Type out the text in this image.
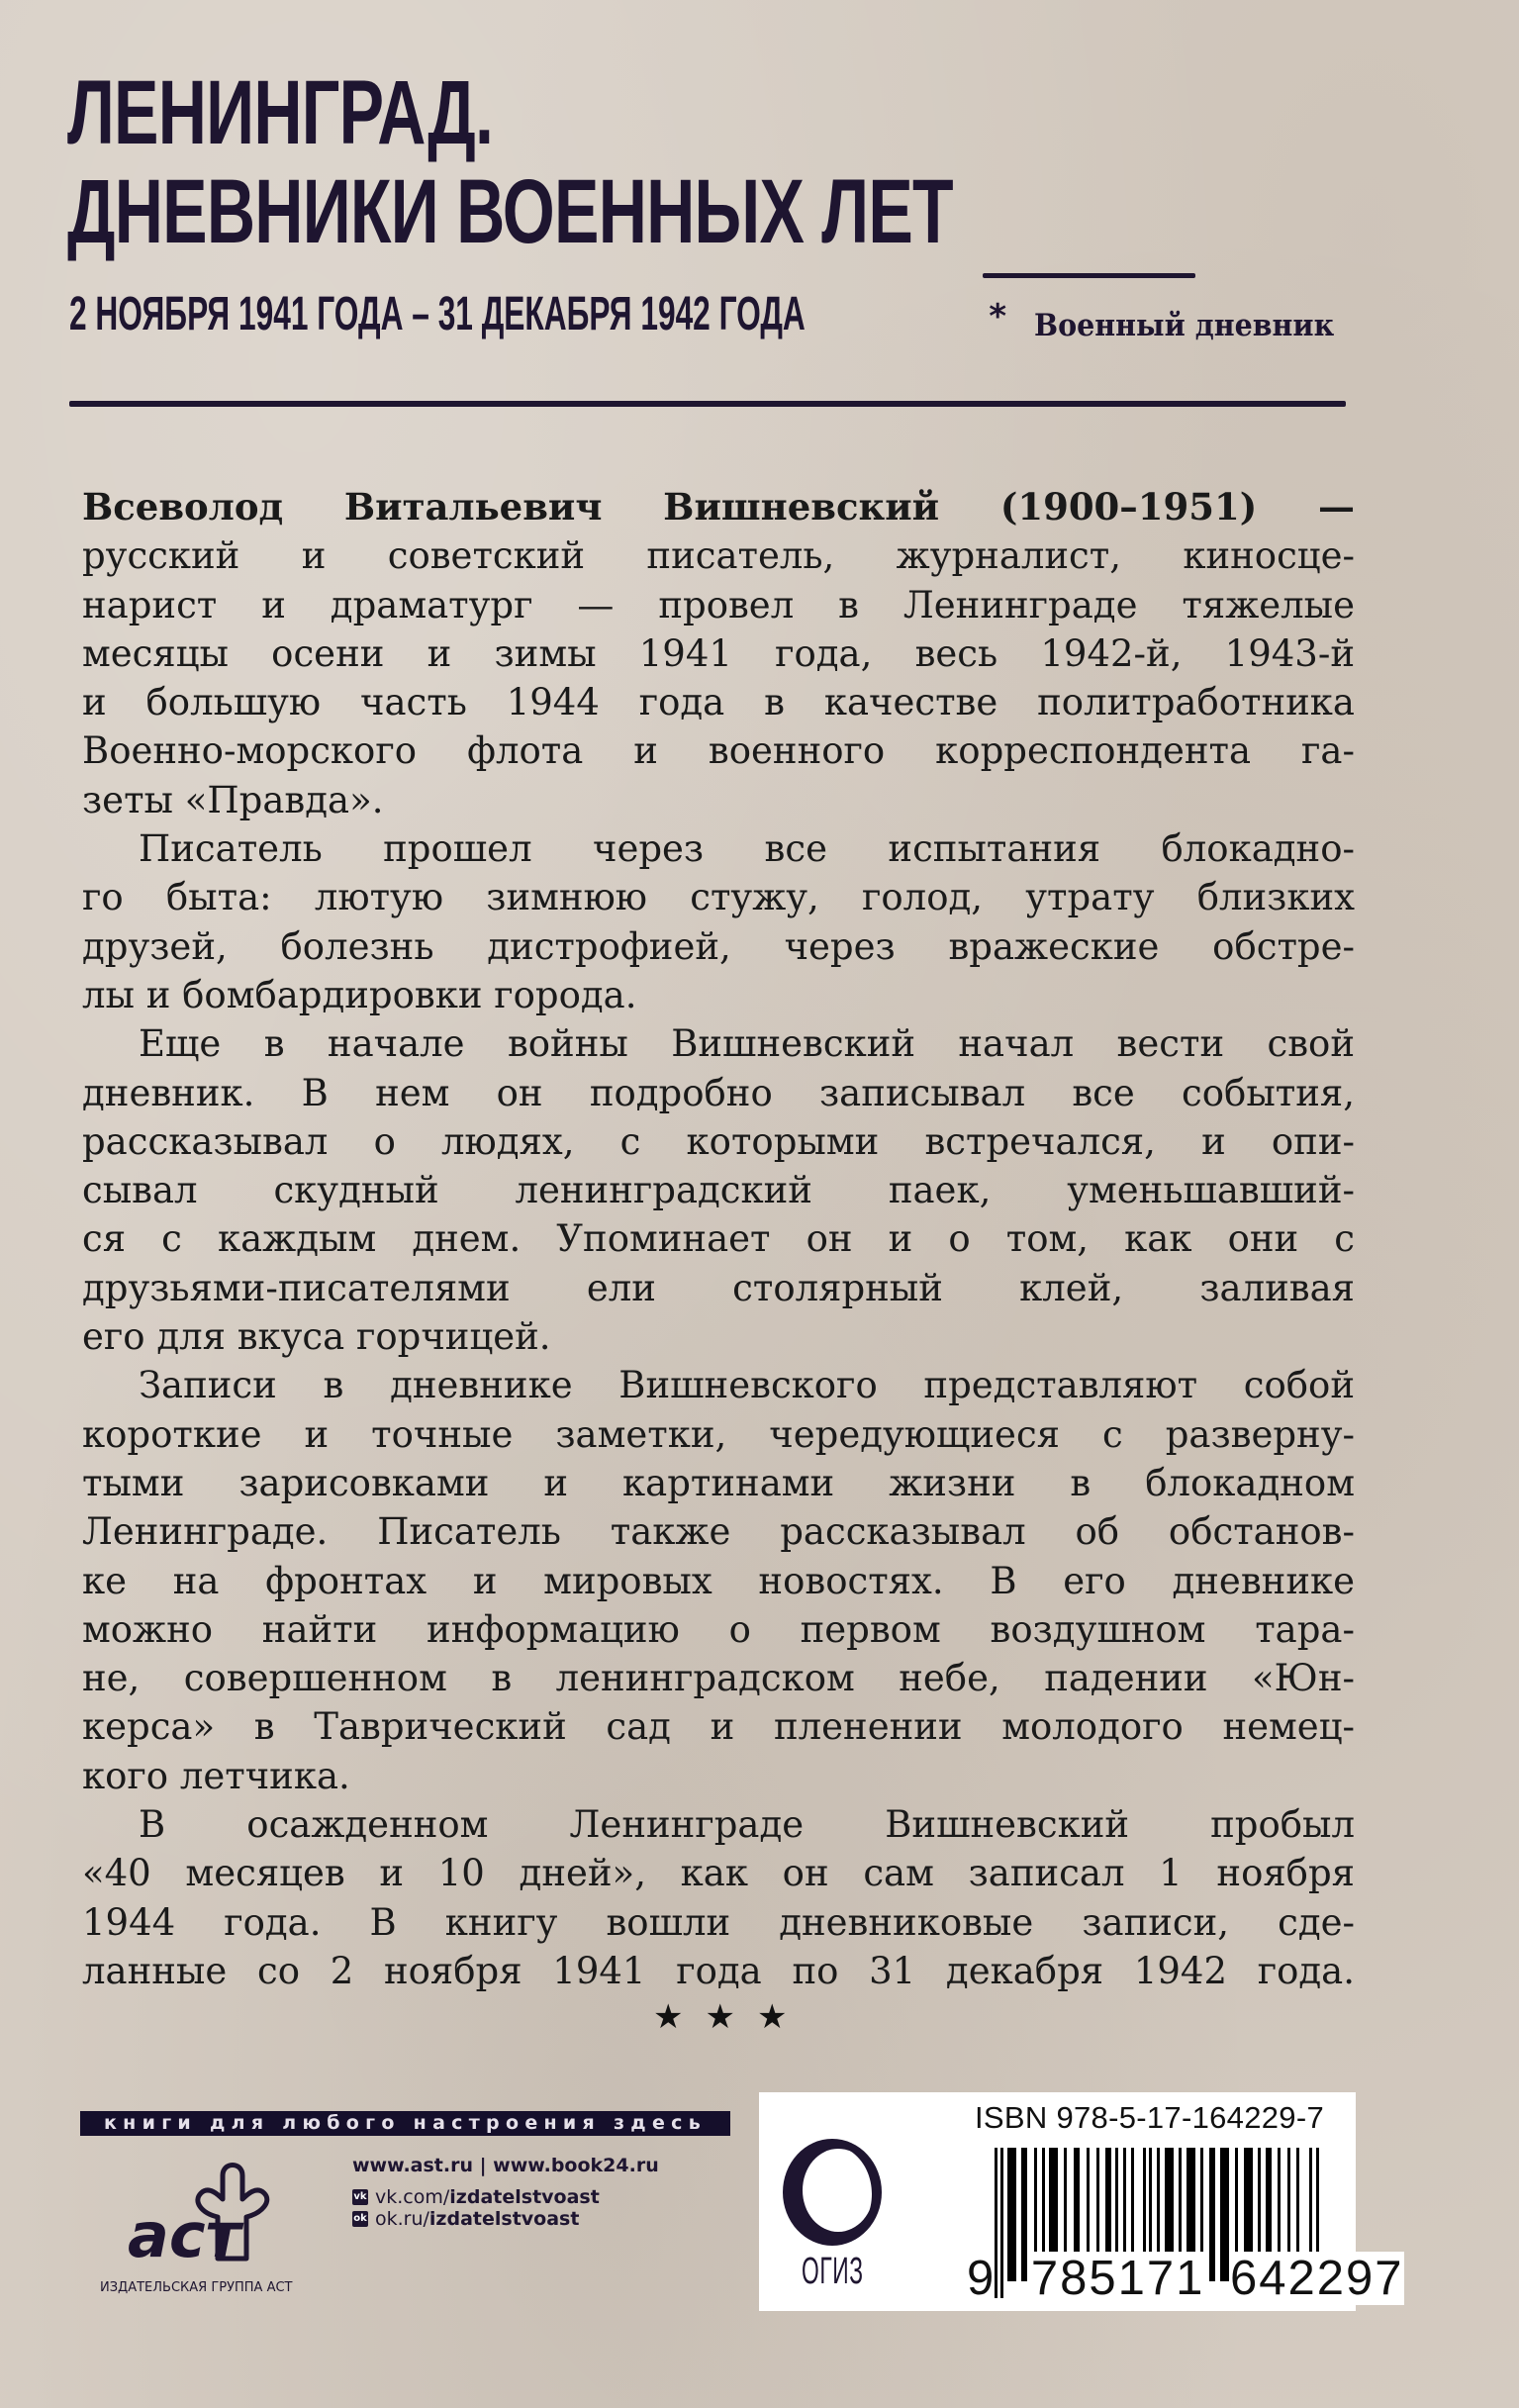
ЛЕНИНГРАД.
ДНЕВНИКИ ВОЕННЫХ ЛЕТ
2 НОЯБРЯ 1941 ГОДА – 31 ДЕКАБРЯ 1942 ГОДА	* Военный дневник
Всеволод Витальевич Вишневский (1900–1951) —
русский и советский писатель, журналист, киносце-
нарист и драматург — провел в Ленинграде тяжелые
месяцы осени и зимы 1941 года, весь 1942-й, 1943-й
и большую часть 1944 года в качестве политработника
Военно-морского флота и военного корреспондента га-
зеты «Правда».
Писатель прошел через все испытания блокадно-
го быта: лютую зимнюю стужу, голод, утрату близких
друзей, болезнь дистрофией, через вражеские обстре-
лы и бомбардировки города.
Еще в начале войны Вишневский начал вести свой
дневник. В нем он подробно записывал все события,
рассказывал о людях, с которыми встречался, и опи-
сывал скудный ленинградский паек, уменьшавший-
ся с каждым днем. Упоминает он и о том, как они с
друзьями-писателями ели столярный клей, заливая
его для вкуса горчицей.
Записи в дневнике Вишневского представляют собой
короткие и точные заметки, чередующиеся с разверну-
тыми зарисовками и картинами жизни в блокадном
Ленинграде. Писатель также рассказывал об обстанов-
ке на фронтах и мировых новостях. В его дневнике
можно найти информацию о первом воздушном тара-
не, совершенном в ленинградском небе, падении «Юн-
керса» в Таврический сад и пленении молодого немец-
кого летчика.
В осажденном Ленинграде Вишневский пробыл
«40 месяцев и 10 дней», как он сам записал 1 ноября
1944 года. В книгу вошли дневниковые записи, сде-
ланные со 2 ноября 1941 года по 31 декабря 1942 года.
★★★
книги для любого настроения здесь
аст
ИЗДАТЕЛЬСКАЯ ГРУППА АСТ
www.ast.ru | www.book24.ru
vk vk.com/izdatelstvoast
ok ok.ru/izdatelstvoast
ОГИЗ
ISBN 978-5-17-164229-7
9 785171 642297
